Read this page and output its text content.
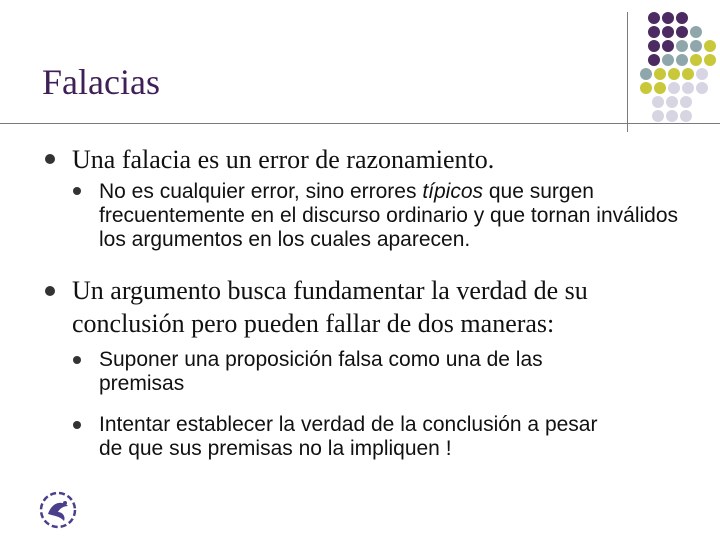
Falacias
Una falacia es un error de razonamiento.
No es cualquier error, sino errores típicos que surgen frecuentemente en el discurso ordinario y que tornan inválidos los argumentos en los cuales aparecen.
Un argumento busca fundamentar la verdad de su
conclusión pero pueden fallar de dos maneras:
Suponer una proposición falsa como una de las
premisas
Intentar establecer la verdad de la conclusión a pesar
de que sus premisas no la impliquen !
